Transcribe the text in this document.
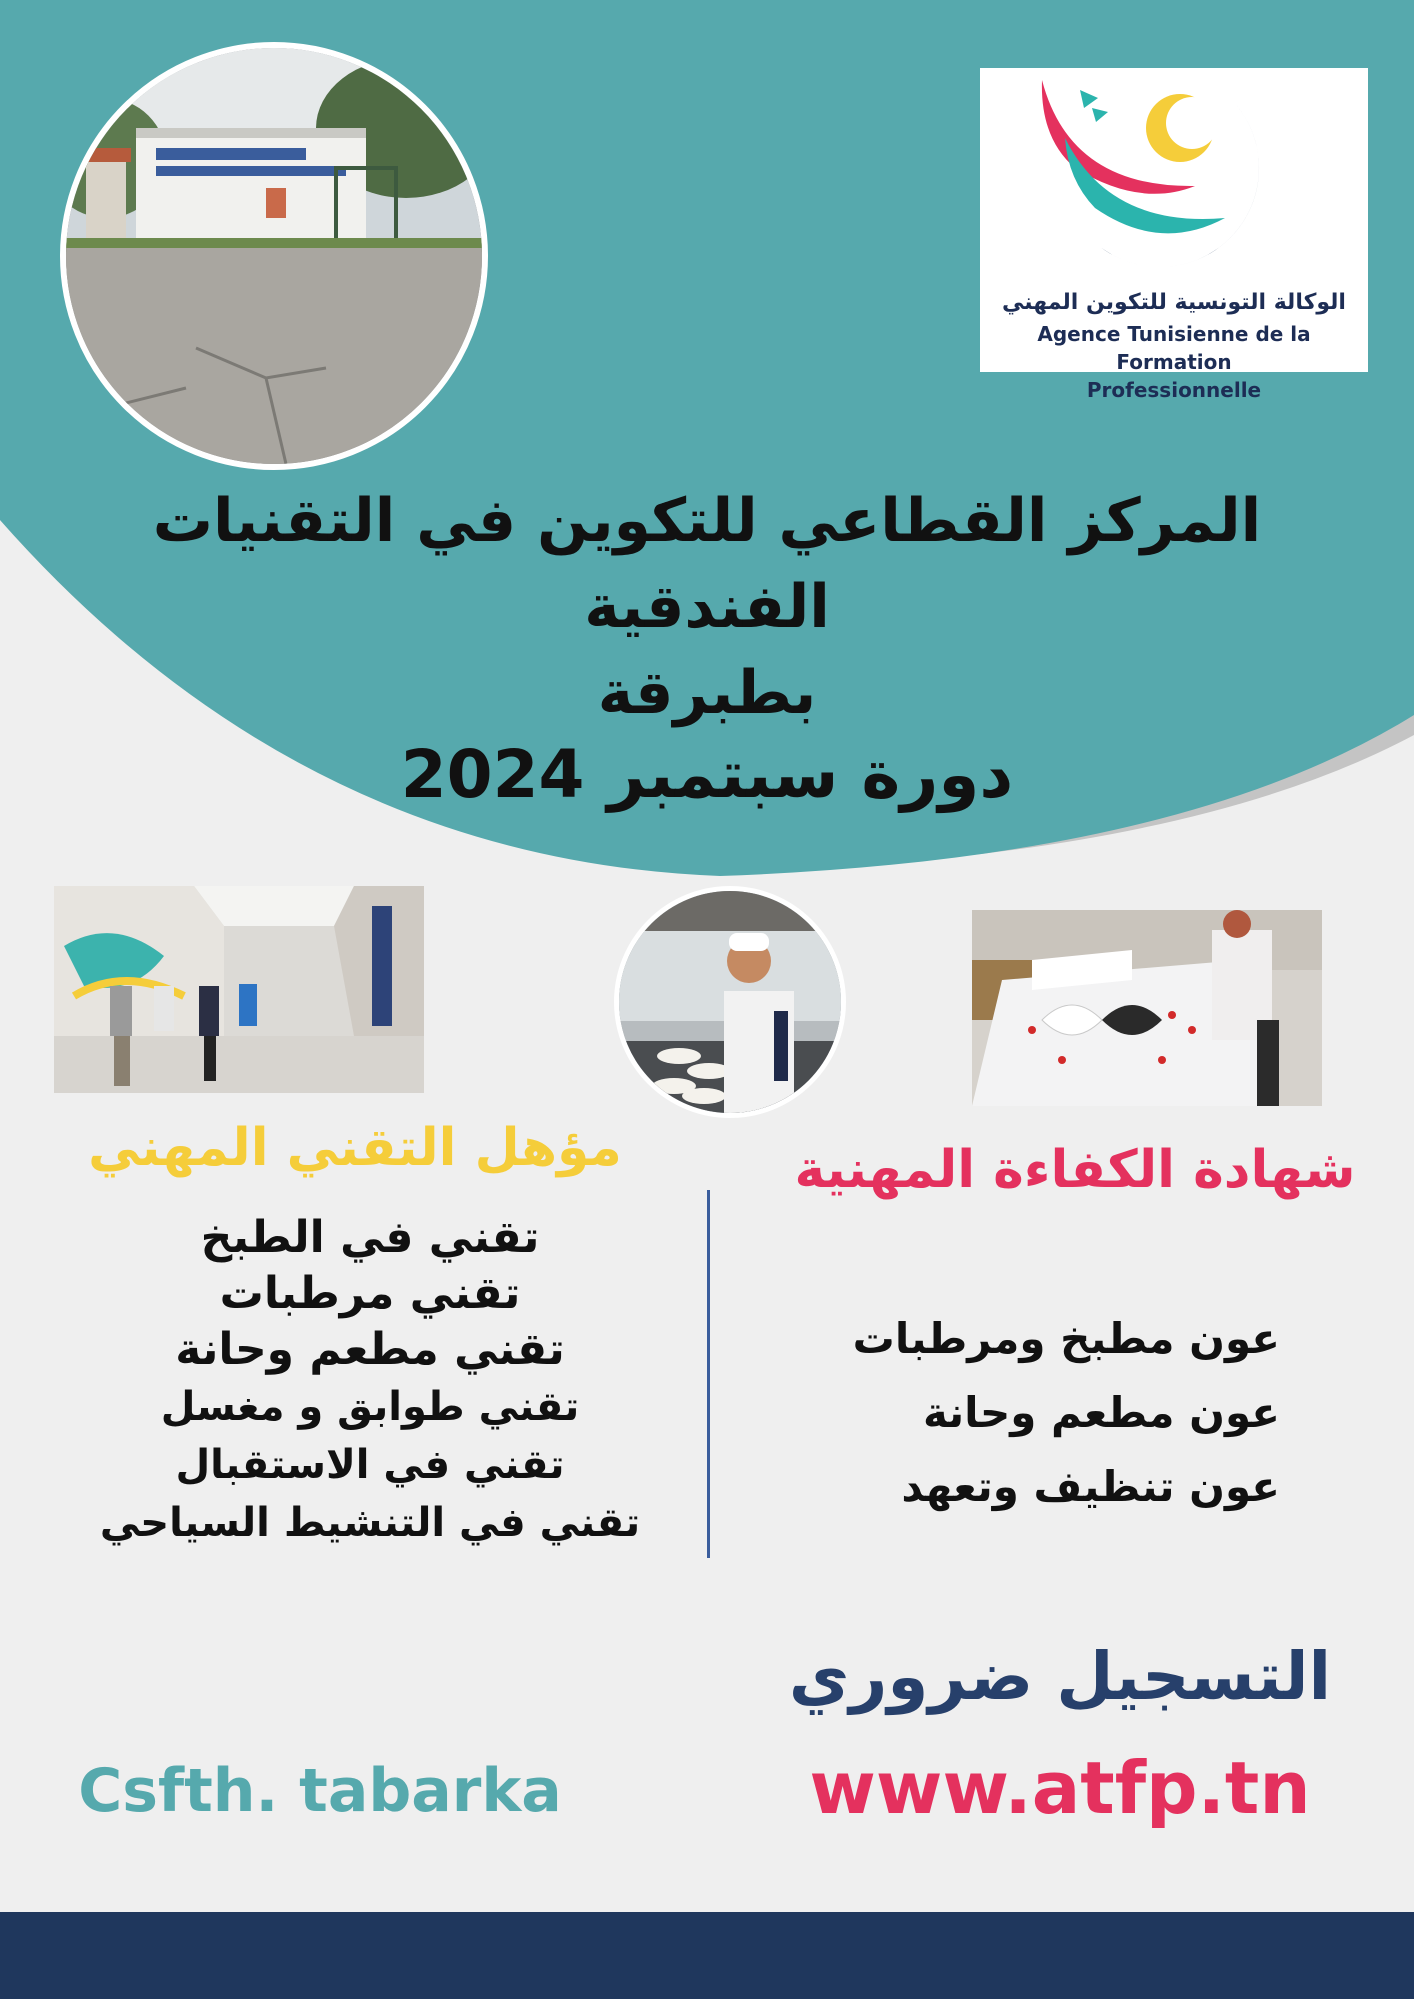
الوكالة التونسية للتكوين المهني
Agence Tunisienne de la Formation
Professionnelle
المركز القطاعي للتكوين في التقنيات الفندقية
بطبرقة
دورة سبتمبر 2024
مؤهل التقني المهني	شهادة الكفاءة المهنية
تقني في الطبخ
تقني مرطبات
تقني مطعم وحانة
تقني طوابق و مغسل
تقني في الاستقبال
تقني في التنشيط السياحي
عون مطبخ ومرطبات
عون مطعم وحانة
عون تنظيف وتعهد
التسجيل ضروري
www.atfp.tn
Csfth. tabarka
